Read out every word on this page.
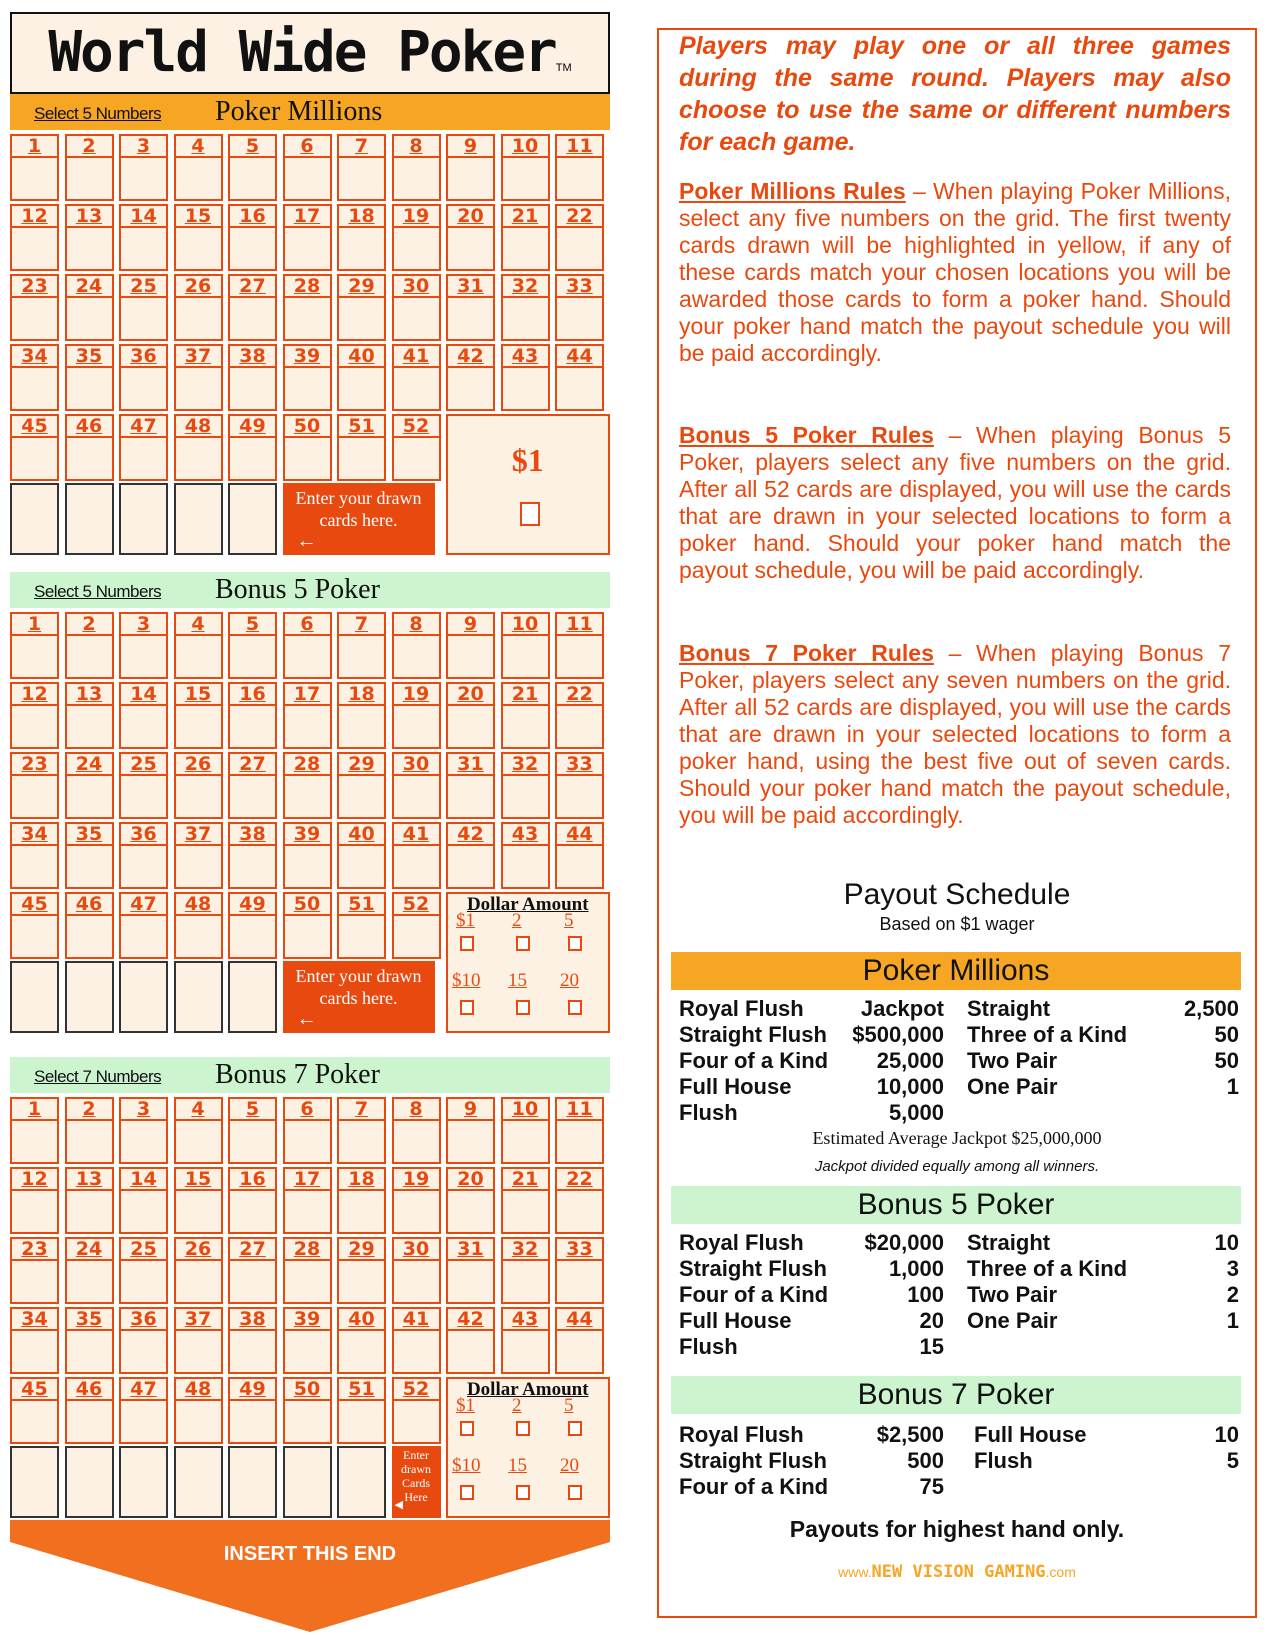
World Wide PokerTM
Select 5 Numbers Poker Millions
1	2	3	4	5	6	7	8	9	10	11
12	13	14	15	16	17	18	19	20	21	22
23	24	25	26	27	28	29	30	31	32	33
34	35	36	37	38	39	40	41	42	43	44
45	46	47	48	49	50	51	52
Enter your drawn cards here.
←
$1
Select 5 Numbers Bonus 5 Poker
1	2	3	4	5	6	7	8	9	10	11
12	13	14	15	16	17	18	19	20	21	22
23	24	25	26	27	28	29	30	31	32	33
34	35	36	37	38	39	40	41	42	43	44
45	46	47	48	49	50	51	52
Enter your drawn cards here.
←
Dollar Amount
$1 2 5
$10 15 20
Select 7 Numbers Bonus 7 Poker
1	2	3	4	5	6	7	8	9	10	11
12	13	14	15	16	17	18	19	20	21	22
23	24	25	26	27	28	29	30	31	32	33
34	35	36	37	38	39	40	41	42	43	44
45	46	47	48	49	50	51	52
Enter
drawn
Cards
Here
◀
Dollar Amount
$1 2 5
$10 15 20
INSERT THIS END
Players may play one or all three games during the same round. Players may also choose to use the same or different numbers for each game.
Poker Millions Rules – When playing Poker Millions, select any five numbers on the grid. The first twenty cards drawn will be highlighted in yellow, if any of these cards match your chosen locations you will be awarded those cards to form a poker hand. Should your poker hand match the payout schedule you will be paid accordingly.
Bonus 5 Poker Rules – When playing Bonus 5 Poker, players select any five numbers on the grid. After all 52 cards are displayed, you will use the cards that are drawn in your selected locations to form a poker hand. Should your poker hand match the payout schedule, you will be paid accordingly.
Bonus 7 Poker Rules – When playing Bonus 7 Poker, players select any seven numbers on the grid. After all 52 cards are displayed, you will use the cards that are drawn in your selected locations to form a poker hand, using the best five out of seven cards. Should your poker hand match the payout schedule, you will be paid accordingly.
Payout Schedule
Based on $1 wager
Poker Millions
Royal Flush	Jackpot
Straight Flush $500,000
Four of a Kind 25,000
Full House	10,000
Flush	5,000
Straight	2,500
Three of a Kind	50
Two Pair	50
One Pair	1
Estimated Average Jackpot $25,000,000
Jackpot divided equally among all winners.
Bonus 5 Poker
Royal Flush	$20,000
Straight Flush	1,000
Four of a Kind	100
Full House	20
Flush	15
Straight	10
Three of a Kind	3
Two Pair	2
One Pair	1
Bonus 7 Poker
Royal Flush	$2,500
Straight Flush	500
Four of a Kind	75
Full House	10
Flush	5
Payouts for highest hand only.
www.NEW VISION GAMING.com
